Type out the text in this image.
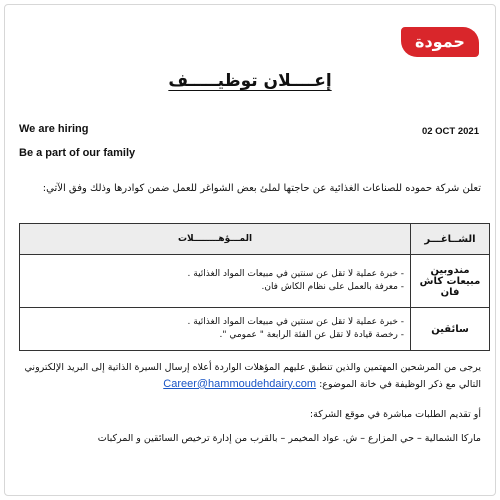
حمودة
إعــــلان توظيـــــف
We are hiring	02 OCT 2021
Be a part of our family
تعلن شركة حموده للصناعات الغذائية عن حاجتها لملئ بعض الشواغر للعمل ضمن كوادرها وذلك وفق الآتي:
الشــاغـــر	المـــؤهــــــــلات
مندوبين مبيعات كاش فان	- خبرة عملية لا تقل عن سنتين في مبيعات المواد الغذائية .
- معرفة بالعمل على نظام الكاش فان.

سائقين	- خبرة عملية لا تقل عن سنتين في مبيعات المواد الغذائية .
- رخصة قيادة لا تقل عن الفئة الرابعة " عمومي ".
يرجى من المرشحين المهتمين والذين تنطبق عليهم المؤهلات الواردة أعلاه إرسال السيرة الذاتية إلى البريد الإلكتروني
التالي مع ذكر الوظيفة في خانة الموضوع: Career@hammoudehdairy.com
أو تقديم الطلبات مباشرة في موقع الشركة:
ماركا الشمالية – حي المزارع – ش. عواد المخيمر – بالقرب من إدارة ترخيص السائقين و المركبات
